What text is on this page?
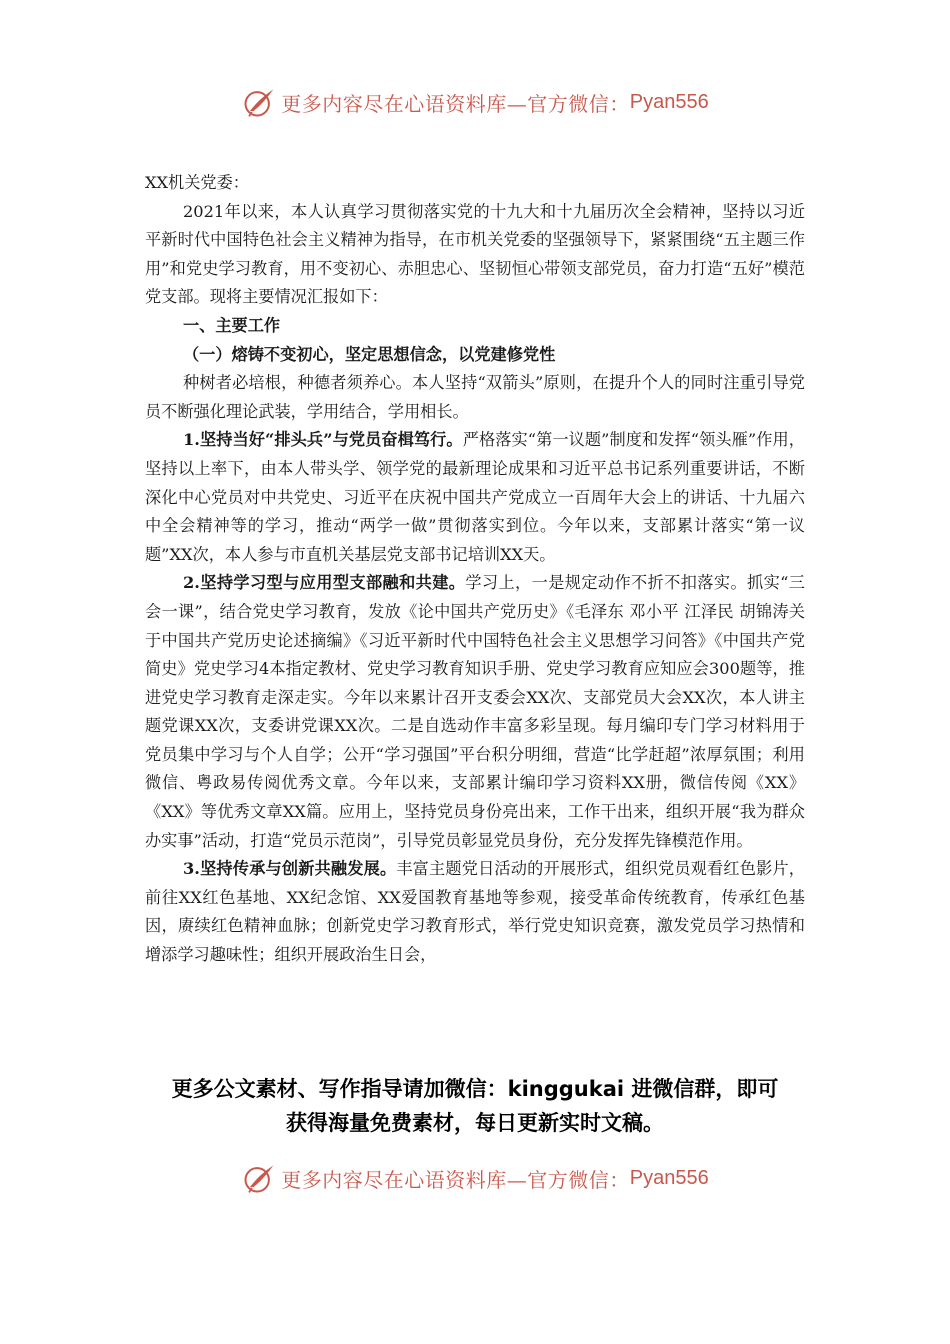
更多内容尽在心语资料库—官方微信： Pyan556

XX机关党委：

2021年以来，本人认真学习贯彻落实党的十九大和十九届历次全会精神，坚持以习近平新时代中国特色社会主义精神为指导，在市机关党委的坚强领导下，紧紧围绕“五主题三作用”和党史学习教育，用不变初心、赤胆忠心、坚韧恒心带领支部党员，奋力打造“五好”模范党支部。现将主要情况汇报如下：

一、主要工作

（一）熔铸不变初心，坚定思想信念，以党建修党性

种树者必培根，种德者须养心。本人坚持“双箭头”原则，在提升个人的同时注重引导党员不断强化理论武装，学用结合，学用相长。

1.坚持当好“排头兵”与党员奋楫笃行。严格落实“第一议题”制度和发挥“领头雁”作用，坚持以上率下，由本人带头学、领学党的最新理论成果和习近平总书记系列重要讲话，不断深化中心党员对中共党史、习近平在庆祝中国共产党成立一百周年大会上的讲话、十九届六中全会精神等的学习，推动“两学一做”贯彻落实到位。今年以来，支部累计落实“第一议题”XX次，本人参与市直机关基层党支部书记培训XX天。

2.坚持学习型与应用型支部融和共建。学习上，一是规定动作不折不扣落实。抓实“三会一课”，结合党史学习教育，发放《论中国共产党历史》《毛泽东 邓小平 江泽民 胡锦涛关于中国共产党历史论述摘编》《习近平新时代中国特色社会主义思想学习问答》《中国共产党简史》党史学习4本指定教材、党史学习教育知识手册、党史学习教育应知应会300题等，推进党史学习教育走深走实。今年以来累计召开支委会XX次、支部党员大会XX次，本人讲主题党课XX次，支委讲党课XX次。二是自选动作丰富多彩呈现。每月编印专门学习材料用于党员集中学习与个人自学；公开“学习强国”平台积分明细，营造“比学赶超”浓厚氛围；利用微信、粤政易传阅优秀文章。今年以来，支部累计编印学习资料XX册，微信传阅《XX》《XX》等优秀文章XX篇。应用上，坚持党员身份亮出来，工作干出来，组织开展“我为群众办实事”活动，打造“党员示范岗”，引导党员彰显党员身份，充分发挥先锋模范作用。

3.坚持传承与创新共融发展。丰富主题党日活动的开展形式，组织党员观看红色影片，前往XX红色基地、XX纪念馆、XX爱国教育基地等参观，接受革命传统教育，传承红色基因，赓续红色精神血脉；创新党史学习教育形式，举行党史知识竞赛，激发党员学习热情和增添学习趣味性；组织开展政治生日会，

更多公文素材、写作指导请加微信：kinggukai 进微信群，即可
获得海量免费素材，每日更新实时文稿。
更多内容尽在心语资料库—官方微信： Pyan556
